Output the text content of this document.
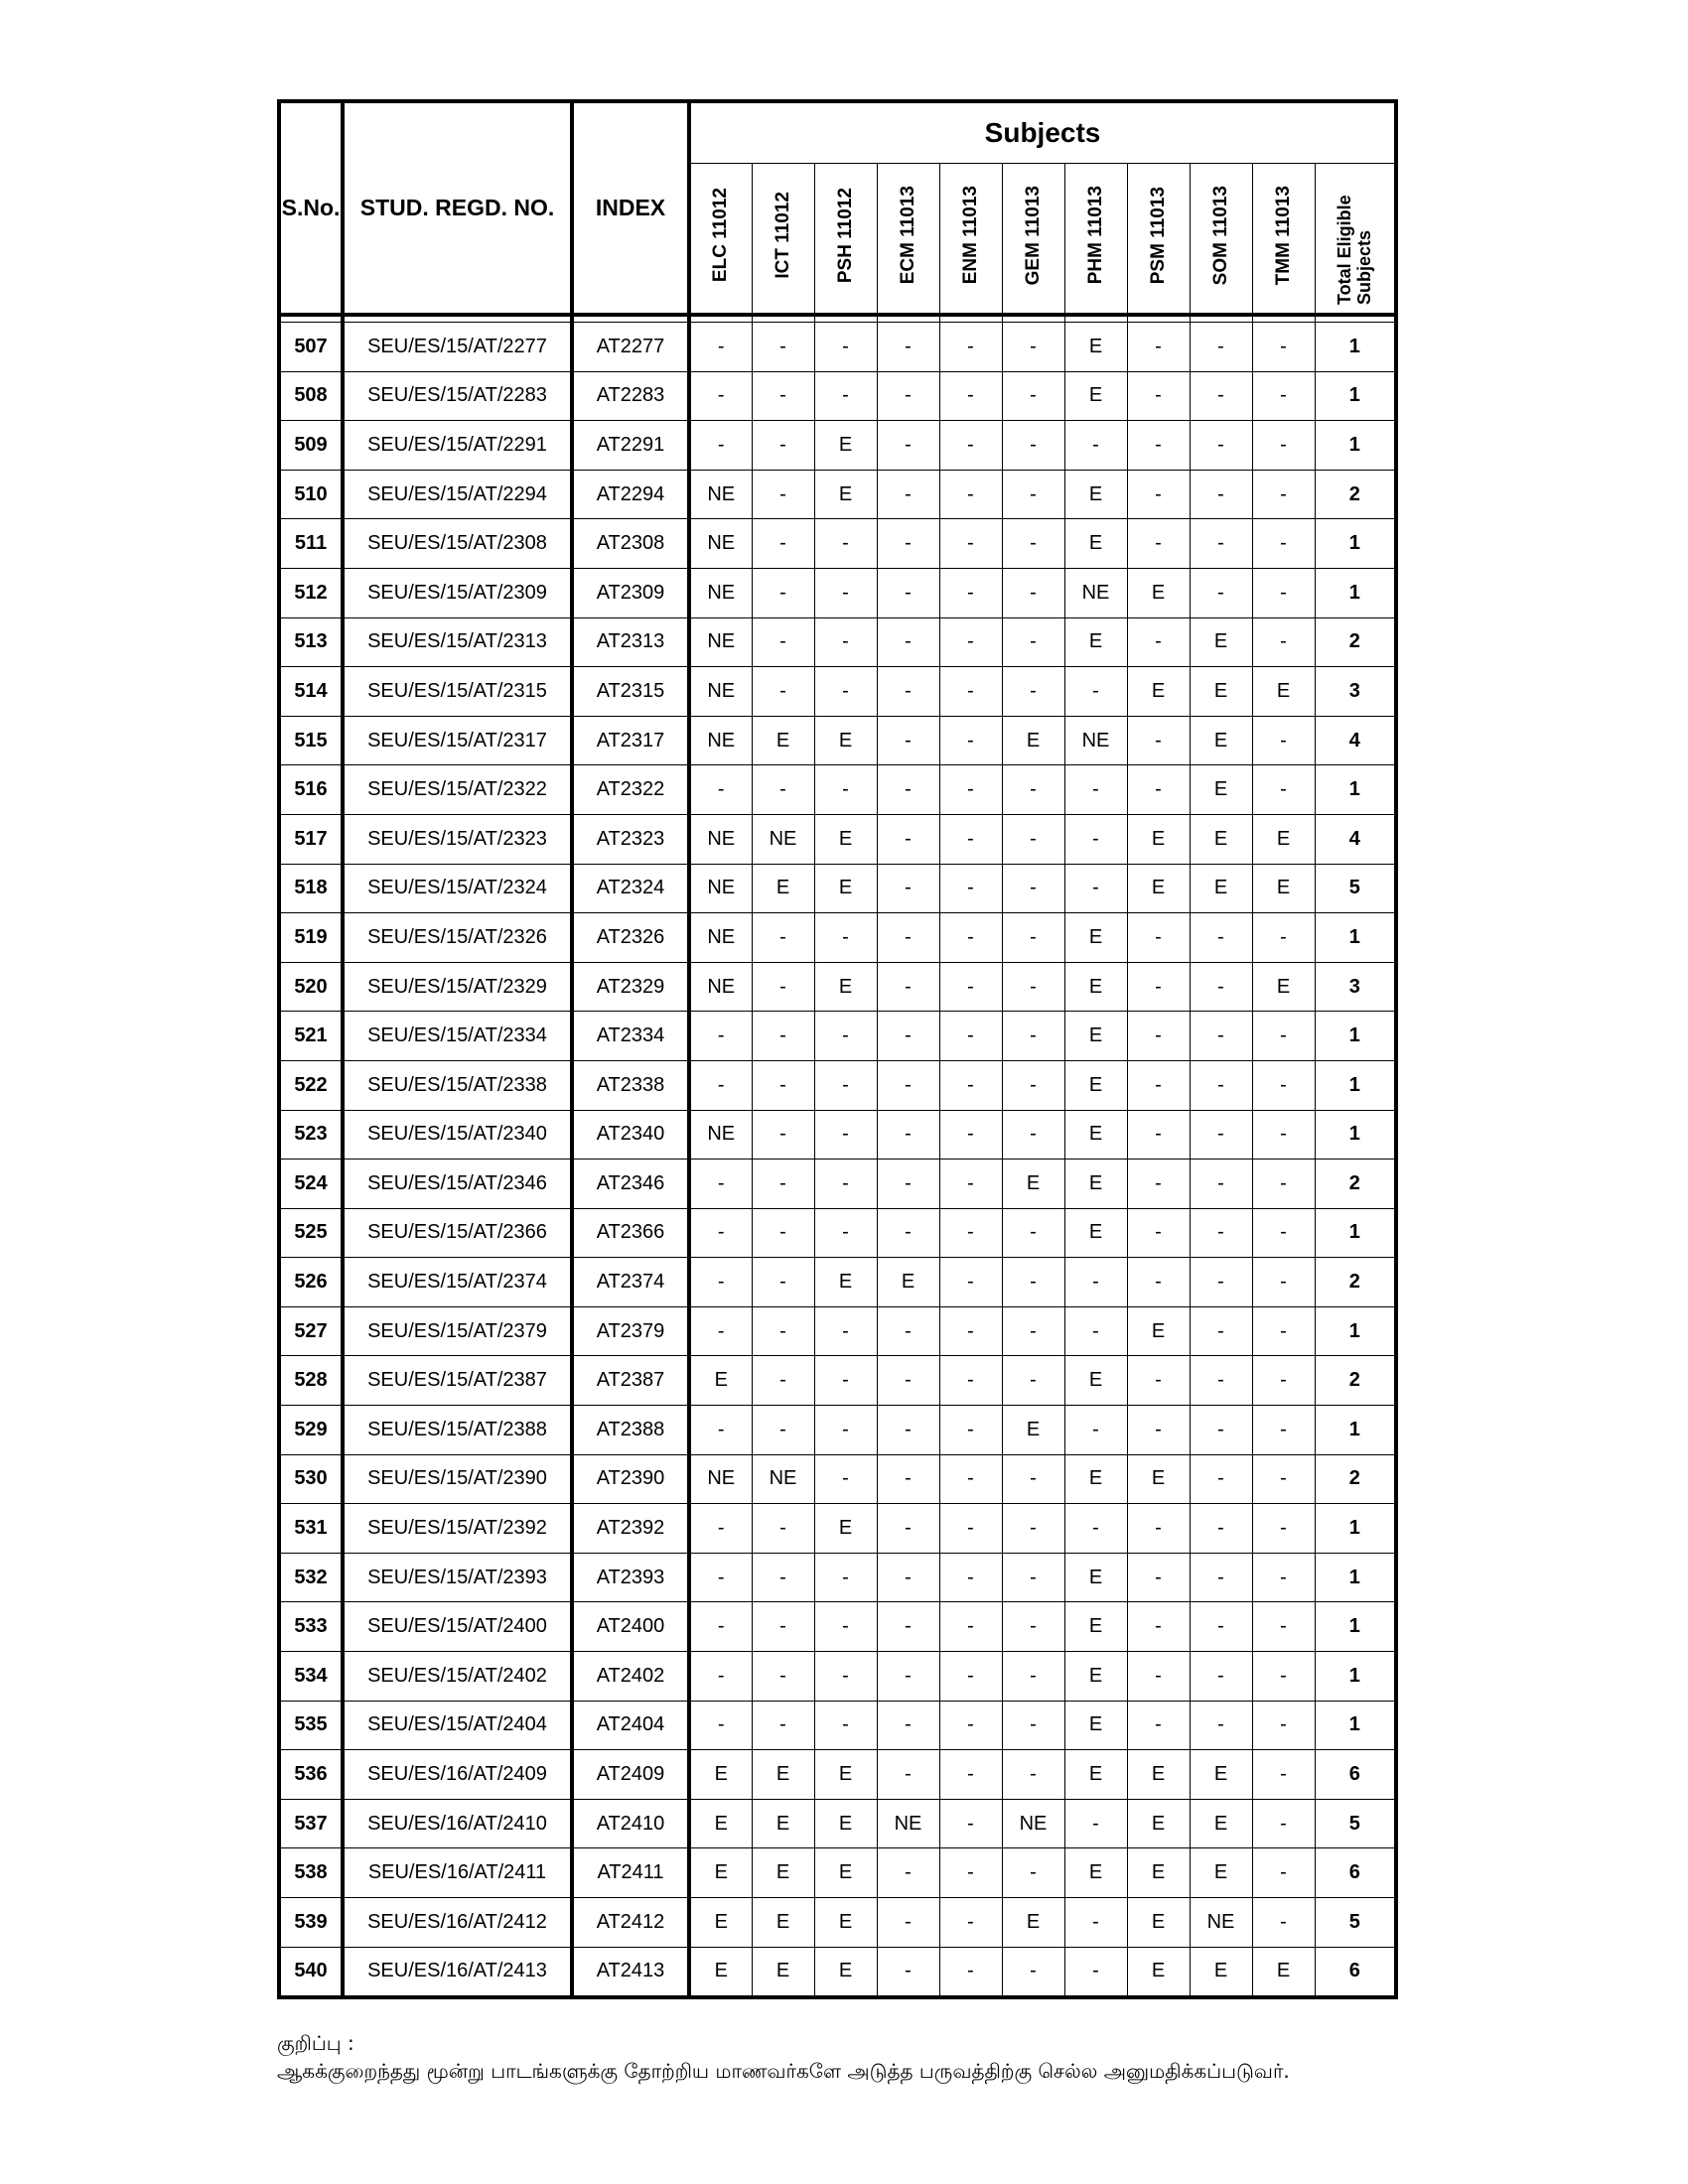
S.No.	STUD. REGD. NO.	INDEX	Subjects										
			ELC 11012	ICT 11012	PSH 11012	ECM 11013	ENM 11013	GEM 11013	PHM 11013	PSM 11013	SOM 11013	TMM 11013	Total Eligible Subjects

507	SEU/ES/15/AT/2277	AT2277	-	-	-	-	-	-	E	-	-	-	1
508	SEU/ES/15/AT/2283	AT2283	-	-	-	-	-	-	E	-	-	-	1
509	SEU/ES/15/AT/2291	AT2291	-	-	E	-	-	-	-	-	-	-	1
510	SEU/ES/15/AT/2294	AT2294	NE	-	E	-	-	-	E	-	-	-	2
511	SEU/ES/15/AT/2308	AT2308	NE	-	-	-	-	-	E	-	-	-	1
512	SEU/ES/15/AT/2309	AT2309	NE	-	-	-	-	-	NE	E	-	-	1
513	SEU/ES/15/AT/2313	AT2313	NE	-	-	-	-	-	E	-	E	-	2
514	SEU/ES/15/AT/2315	AT2315	NE	-	-	-	-	-	-	E	E	E	3
515	SEU/ES/15/AT/2317	AT2317	NE	E	E	-	-	E	NE	-	E	-	4
516	SEU/ES/15/AT/2322	AT2322	-	-	-	-	-	-	-	-	E	-	1
517	SEU/ES/15/AT/2323	AT2323	NE	NE	E	-	-	-	-	E	E	E	4
518	SEU/ES/15/AT/2324	AT2324	NE	E	E	-	-	-	-	E	E	E	5
519	SEU/ES/15/AT/2326	AT2326	NE	-	-	-	-	-	E	-	-	-	1
520	SEU/ES/15/AT/2329	AT2329	NE	-	E	-	-	-	E	-	-	E	3
521	SEU/ES/15/AT/2334	AT2334	-	-	-	-	-	-	E	-	-	-	1
522	SEU/ES/15/AT/2338	AT2338	-	-	-	-	-	-	E	-	-	-	1
523	SEU/ES/15/AT/2340	AT2340	NE	-	-	-	-	-	E	-	-	-	1
524	SEU/ES/15/AT/2346	AT2346	-	-	-	-	-	E	E	-	-	-	2
525	SEU/ES/15/AT/2366	AT2366	-	-	-	-	-	-	E	-	-	-	1
526	SEU/ES/15/AT/2374	AT2374	-	-	E	E	-	-	-	-	-	-	2
527	SEU/ES/15/AT/2379	AT2379	-	-	-	-	-	-	-	E	-	-	1
528	SEU/ES/15/AT/2387	AT2387	E	-	-	-	-	-	E	-	-	-	2
529	SEU/ES/15/AT/2388	AT2388	-	-	-	-	-	E	-	-	-	-	1
530	SEU/ES/15/AT/2390	AT2390	NE	NE	-	-	-	-	E	E	-	-	2
531	SEU/ES/15/AT/2392	AT2392	-	-	E	-	-	-	-	-	-	-	1
532	SEU/ES/15/AT/2393	AT2393	-	-	-	-	-	-	E	-	-	-	1
533	SEU/ES/15/AT/2400	AT2400	-	-	-	-	-	-	E	-	-	-	1
534	SEU/ES/15/AT/2402	AT2402	-	-	-	-	-	-	E	-	-	-	1
535	SEU/ES/15/AT/2404	AT2404	-	-	-	-	-	-	E	-	-	-	1
536	SEU/ES/16/AT/2409	AT2409	E	E	E	-	-	-	E	E	E	-	6
537	SEU/ES/16/AT/2410	AT2410	E	E	E	NE	-	NE	-	E	E	-	5
538	SEU/ES/16/AT/2411	AT2411	E	E	E	-	-	-	E	E	E	-	6
539	SEU/ES/16/AT/2412	AT2412	E	E	E	-	-	E	-	E	NE	-	5
540	SEU/ES/16/AT/2413	AT2413	E	E	E	-	-	-	-	E	E	E	6
குறிப்பு :
ஆகக்குறைந்தது மூன்று பாடங்களுக்கு தோற்றிய மாணவர்களே அடுத்த பருவத்திற்கு செல்ல அனுமதிக்கப்படுவர்.
